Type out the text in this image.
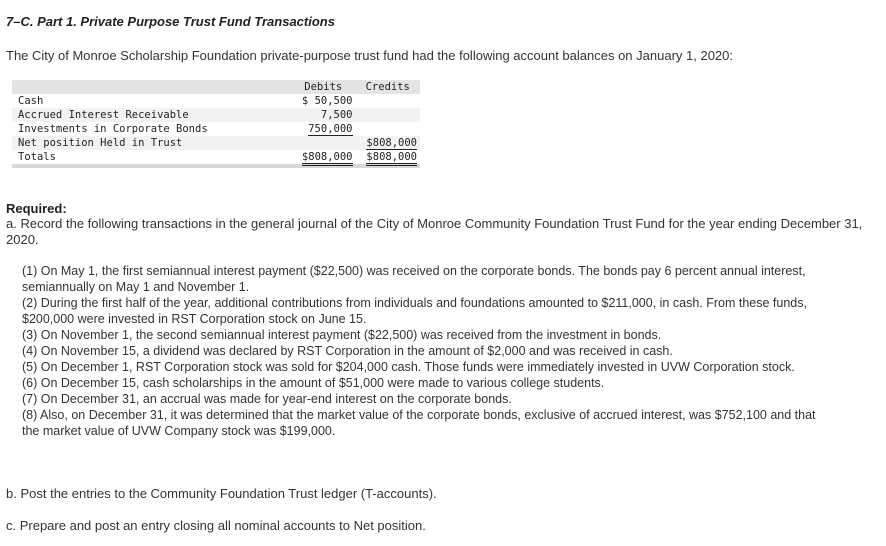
7–C. Part 1. Private Purpose Trust Fund Transactions
The City of Monroe Scholarship Foundation private-purpose trust fund had the following account balances on January 1, 2020:
	Debits	Credits
Cash	$ 50,500	
Accrued Interest Receivable	7,500	
Investments in Corporate Bonds	750,000	
Net position Held in Trust		$808,000
Totals	$808,000	$808,000

Required:
a. Record the following transactions in the general journal of the City of Monroe Community Foundation Trust Fund for the year ending December 31, 2020.
(1) On May 1, the first semiannual interest payment ($22,500) was received on the corporate bonds. The bonds pay 6 percent annual interest, semiannually on May 1 and November 1.
(2) During the first half of the year, additional contributions from individuals and foundations amounted to $211,000, in cash. From these funds, $200,000 were invested in RST Corporation stock on June 15.
(3) On November 1, the second semiannual interest payment ($22,500) was received from the investment in bonds.
(4) On November 15, a dividend was declared by RST Corporation in the amount of $2,000 and was received in cash.
(5) On December 1, RST Corporation stock was sold for $204,000 cash. Those funds were immediately invested in UVW Corporation stock.
(6) On December 15, cash scholarships in the amount of $51,000 were made to various college students.
(7) On December 31, an accrual was made for year-end interest on the corporate bonds.
(8) Also, on December 31, it was determined that the market value of the corporate bonds, exclusive of accrued interest, was $752,100 and that the market value of UVW Company stock was $199,000.
b. Post the entries to the Community Foundation Trust ledger (T-accounts).
c. Prepare and post an entry closing all nominal accounts to Net position.
